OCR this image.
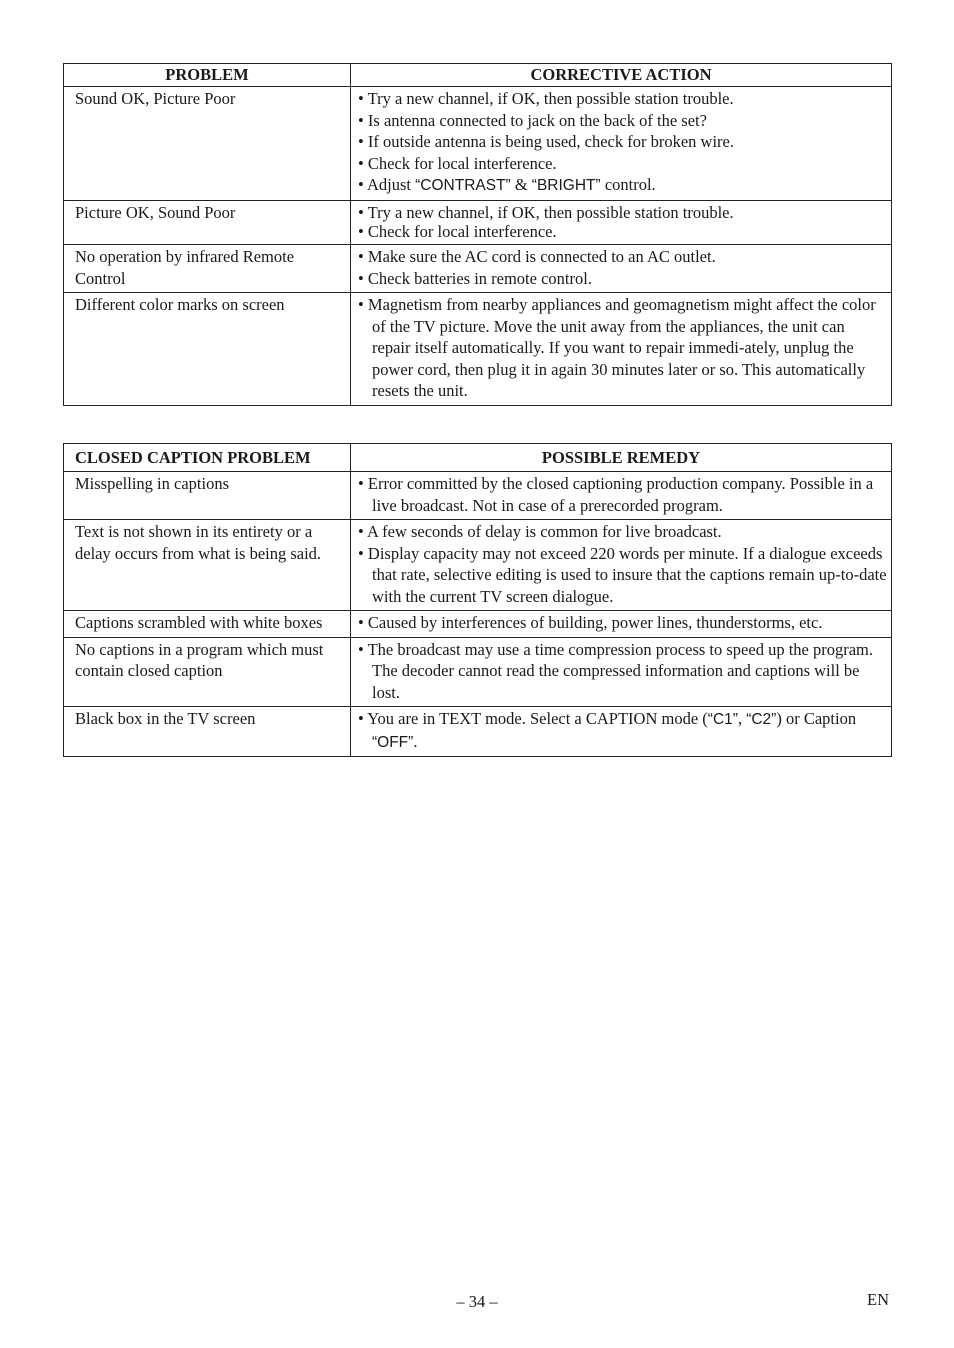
PROBLEM	CORRECTIVE ACTION
Sound OK, Picture Poor	• Try a new channel, if OK, then possible station trouble.
• Is antenna connected to jack on the back of the set?
• If outside antenna is being used, check for broken wire.
• Check for local interference.
• Adjust “CONTRAST” & “BRIGHT” control.

Picture OK, Sound Poor	• Try a new channel, if OK, then possible station trouble.
• Check for local interference.

No operation by infrared Remote Control	• Make sure the AC cord is connected to an AC outlet.
• Check batteries in remote control.

Different color marks on screen	• Magnetism from nearby appliances and geomagnetism might affect the color of the TV picture. Move the unit away from the appliances, the unit can repair itself automatically. If you want to repair immedi-ately, unplug the power cord, then plug it in again 30 minutes later or so. This automatically resets the unit.
CLOSED CAPTION PROBLEM	POSSIBLE REMEDY
Misspelling in captions	• Error committed by the closed captioning production company. Possible in a live broadcast. Not in case of a prerecorded program.

Text is not shown in its entirety or a delay occurs from what is being said.	• A few seconds of delay is common for live broadcast.
• Display capacity may not exceed 220 words per minute. If a dialogue exceeds that rate, selective editing is used to insure that the captions remain up-to-date with the current TV screen dialogue.

Captions scrambled with white boxes	• Caused by interferences of building, power lines, thunderstorms, etc.

No captions in a program which must contain closed caption	• The broadcast may use a time compression process to speed up the program. The decoder cannot read the compressed information and captions will be lost.

Black box in the TV screen	• You are in TEXT mode. Select a CAPTION mode (“C1”, “C2”) or Caption “OFF”.
– 34 –	EN
